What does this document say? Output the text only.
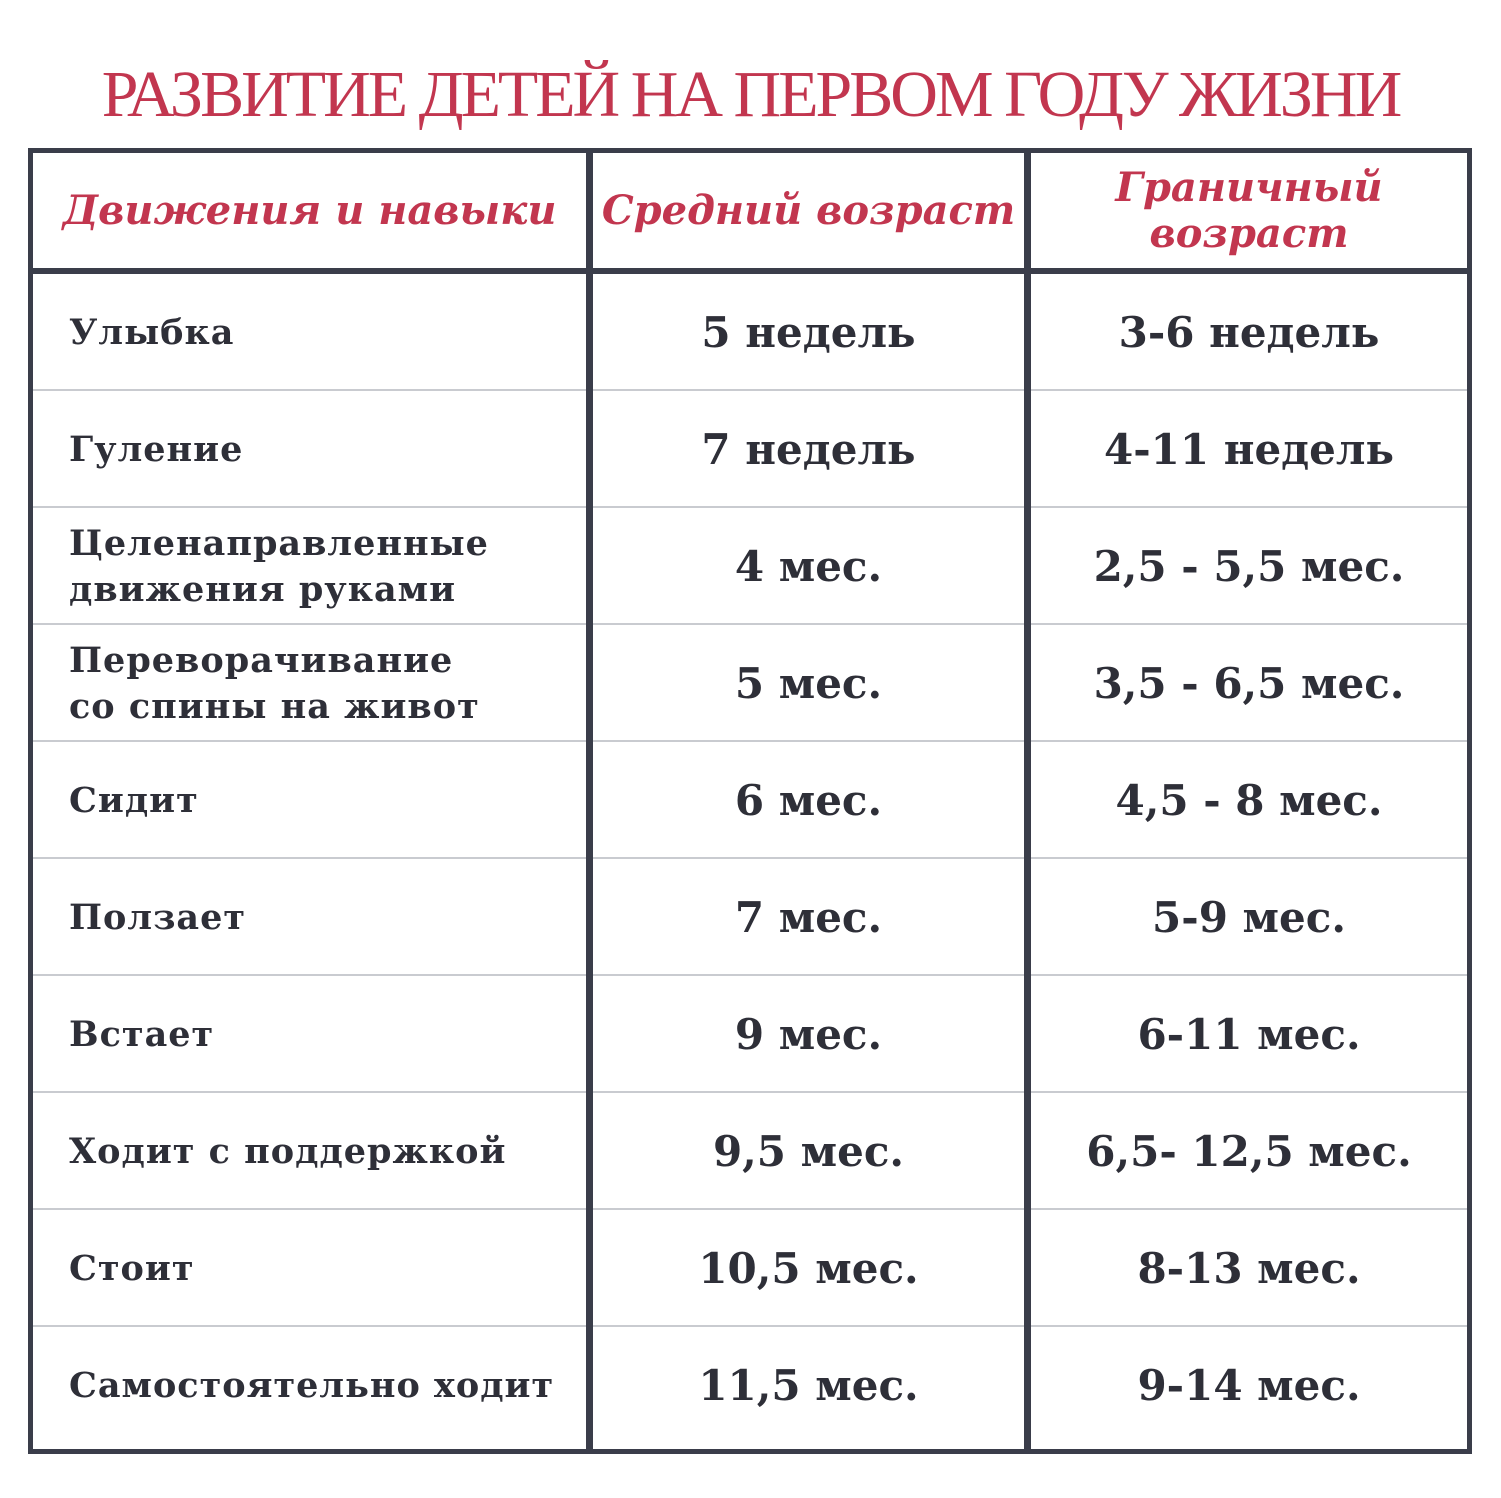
РАЗВИТИЕ ДЕТЕЙ НА ПЕРВОМ ГОДУ ЖИЗНИ
Движения и навыки	Средний возраст	Граничный
возраст
Улыбка	5 недель	3-6 недель
Гуление	7 недель	4-11 недель
Целенаправленные
движения руками	4 мес.	2,5 - 5,5 мес.
Переворачивание
со спины на живот	5 мес.	3,5 - 6,5 мес.
Сидит	6 мес.	4,5 - 8 мес.
Ползает	7 мес.	5-9 мес.
Встает	9 мес.	6-11 мес.
Ходит с поддержкой	9,5 мес.	6,5- 12,5 мес.
Стоит	10,5 мес.	8-13 мес.
Самостоятельно ходит	11,5 мес.	9-14 мес.
